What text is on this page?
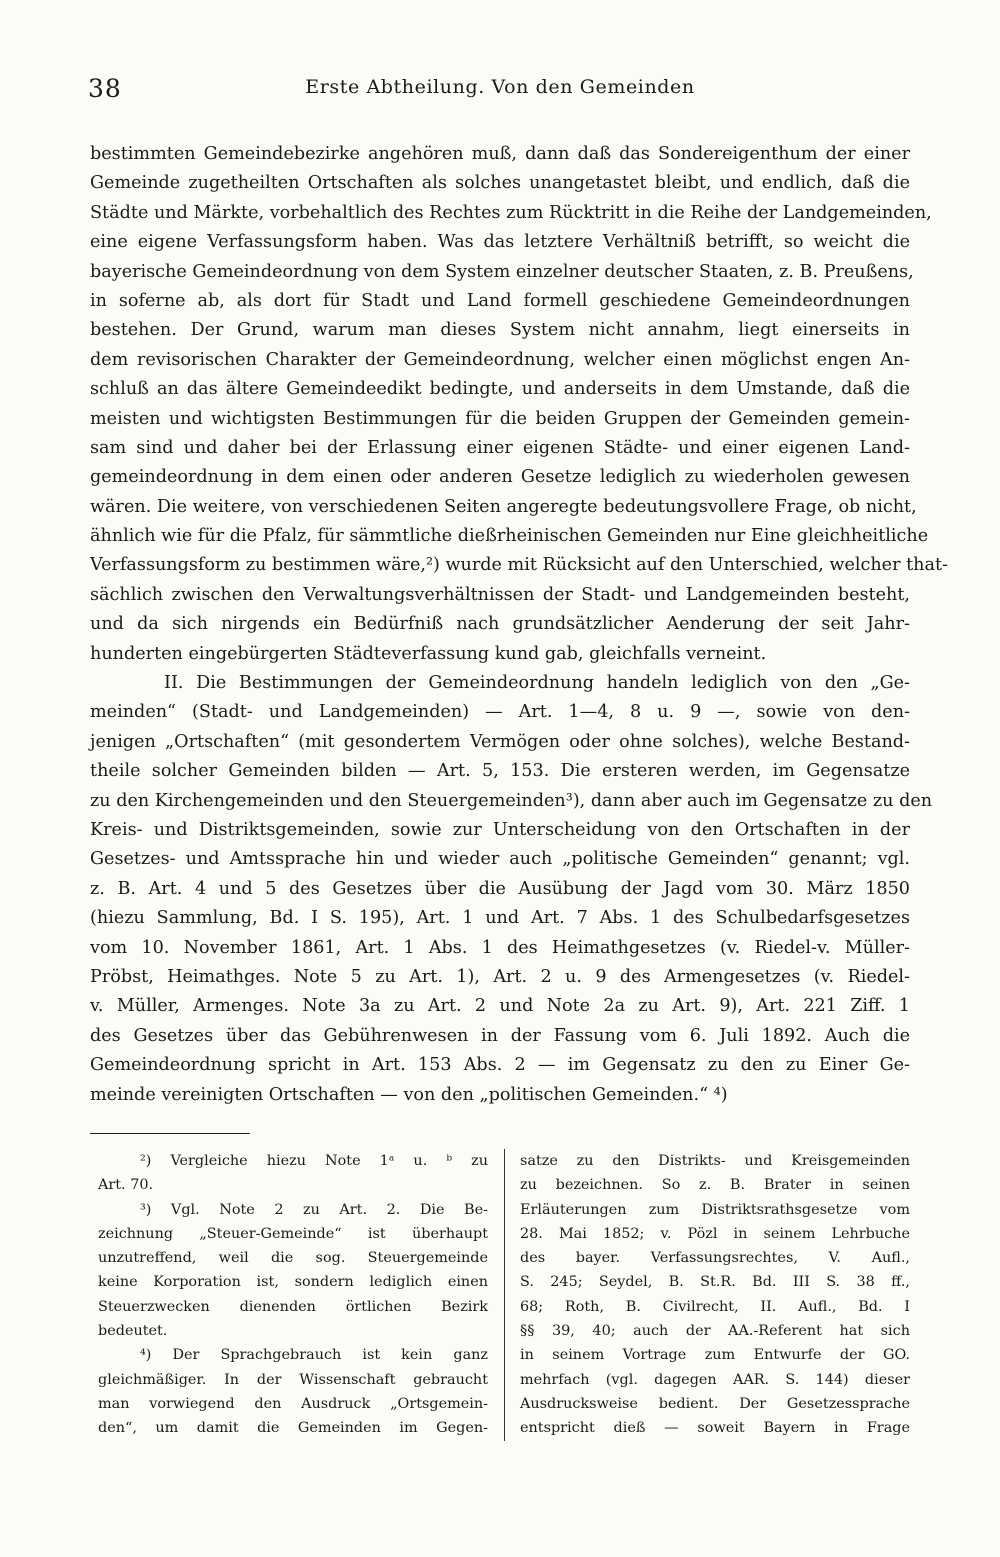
38	Erste Abtheilung. Von den Gemeinden
bestimmten Gemeindebezirke angehören muß, dann daß das Sondereigenthum der einer
Gemeinde zugetheilten Ortschaften als solches unangetastet bleibt, und endlich, daß die
Städte und Märkte, vorbehaltlich des Rechtes zum Rücktritt in die Reihe der Landgemeinden,
eine eigene Verfassungsform haben. Was das letztere Verhältniß betrifft, so weicht die
bayerische Gemeindeordnung von dem System einzelner deutscher Staaten, z. B. Preußens,
in soferne ab, als dort für Stadt und Land formell geschiedene Gemeindeordnungen
bestehen. Der Grund, warum man dieses System nicht annahm, liegt einerseits in
dem revisorischen Charakter der Gemeindeordnung, welcher einen möglichst engen An-
schluß an das ältere Gemeindeedikt bedingte, und anderseits in dem Umstande, daß die
meisten und wichtigsten Bestimmungen für die beiden Gruppen der Gemeinden gemein-
sam sind und daher bei der Erlassung einer eigenen Städte- und einer eigenen Land-
gemeindeordnung in dem einen oder anderen Gesetze lediglich zu wiederholen gewesen
wären. Die weitere, von verschiedenen Seiten angeregte bedeutungsvollere Frage, ob nicht,
ähnlich wie für die Pfalz, für sämmtliche dießrheinischen Gemeinden nur Eine gleichheitliche
Verfassungsform zu bestimmen wäre,²) wurde mit Rücksicht auf den Unterschied, welcher that-
sächlich zwischen den Verwaltungsverhältnissen der Stadt- und Landgemeinden besteht,
und da sich nirgends ein Bedürfniß nach grundsätzlicher Aenderung der seit Jahr-
hunderten eingebürgerten Städteverfassung kund gab, gleichfalls verneint.
II. Die Bestimmungen der Gemeindeordnung handeln lediglich von den „Ge-
meinden“ (Stadt- und Landgemeinden) — Art. 1—4, 8 u. 9 —, sowie von den-
jenigen „Ortschaften“ (mit gesondertem Vermögen oder ohne solches), welche Bestand-
theile solcher Gemeinden bilden — Art. 5, 153. Die ersteren werden, im Gegensatze
zu den Kirchengemeinden und den Steuergemeinden³), dann aber auch im Gegensatze zu den
Kreis- und Distriktsgemeinden, sowie zur Unterscheidung von den Ortschaften in der
Gesetzes- und Amtssprache hin und wieder auch „politische Gemeinden“ genannt; vgl.
z. B. Art. 4 und 5 des Gesetzes über die Ausübung der Jagd vom 30. März 1850
(hiezu Sammlung, Bd. I S. 195), Art. 1 und Art. 7 Abs. 1 des Schulbedarfsgesetzes
vom 10. November 1861, Art. 1 Abs. 1 des Heimathgesetzes (v. Riedel-v. Müller-
Pröbst, Heimathges. Note 5 zu Art. 1), Art. 2 u. 9 des Armengesetzes (v. Riedel-
v. Müller, Armenges. Note 3a zu Art. 2 und Note 2a zu Art. 9), Art. 221 Ziff. 1
des Gesetzes über das Gebührenwesen in der Fassung vom 6. Juli 1892. Auch die
Gemeindeordnung spricht in Art. 153 Abs. 2 — im Gegensatz zu den zu Einer Ge-
meinde vereinigten Ortschaften — von den „politischen Gemeinden.“ ⁴)
²) Vergleiche hiezu Note 1ᵃ u. ᵇ zu
Art. 70.
³) Vgl. Note 2 zu Art. 2. Die Be-
zeichnung „Steuer-Gemeinde“ ist überhaupt
unzutreffend, weil die sog. Steuergemeinde
keine Korporation ist, sondern lediglich einen
Steuerzwecken dienenden örtlichen Bezirk
bedeutet.
⁴) Der Sprachgebrauch ist kein ganz
gleichmäßiger. In der Wissenschaft gebraucht
man vorwiegend den Ausdruck „Ortsgemein-
den“, um damit die Gemeinden im Gegen-
satze zu den Distrikts- und Kreisgemeinden
zu bezeichnen. So z. B. Brater in seinen
Erläuterungen zum Distriktsrathsgesetze vom
28. Mai 1852; v. Pözl in seinem Lehrbuche
des bayer. Verfassungsrechtes, V. Aufl.,
S. 245; Seydel, B. St.R. Bd. III S. 38 ff.,
68; Roth, B. Civilrecht, II. Aufl., Bd. I
§§ 39, 40; auch der AA.-Referent hat sich
in seinem Vortrage zum Entwurfe der GO.
mehrfach (vgl. dagegen AAR. S. 144) dieser
Ausdrucksweise bedient. Der Gesetzessprache
entspricht dieß — soweit Bayern in Frage
